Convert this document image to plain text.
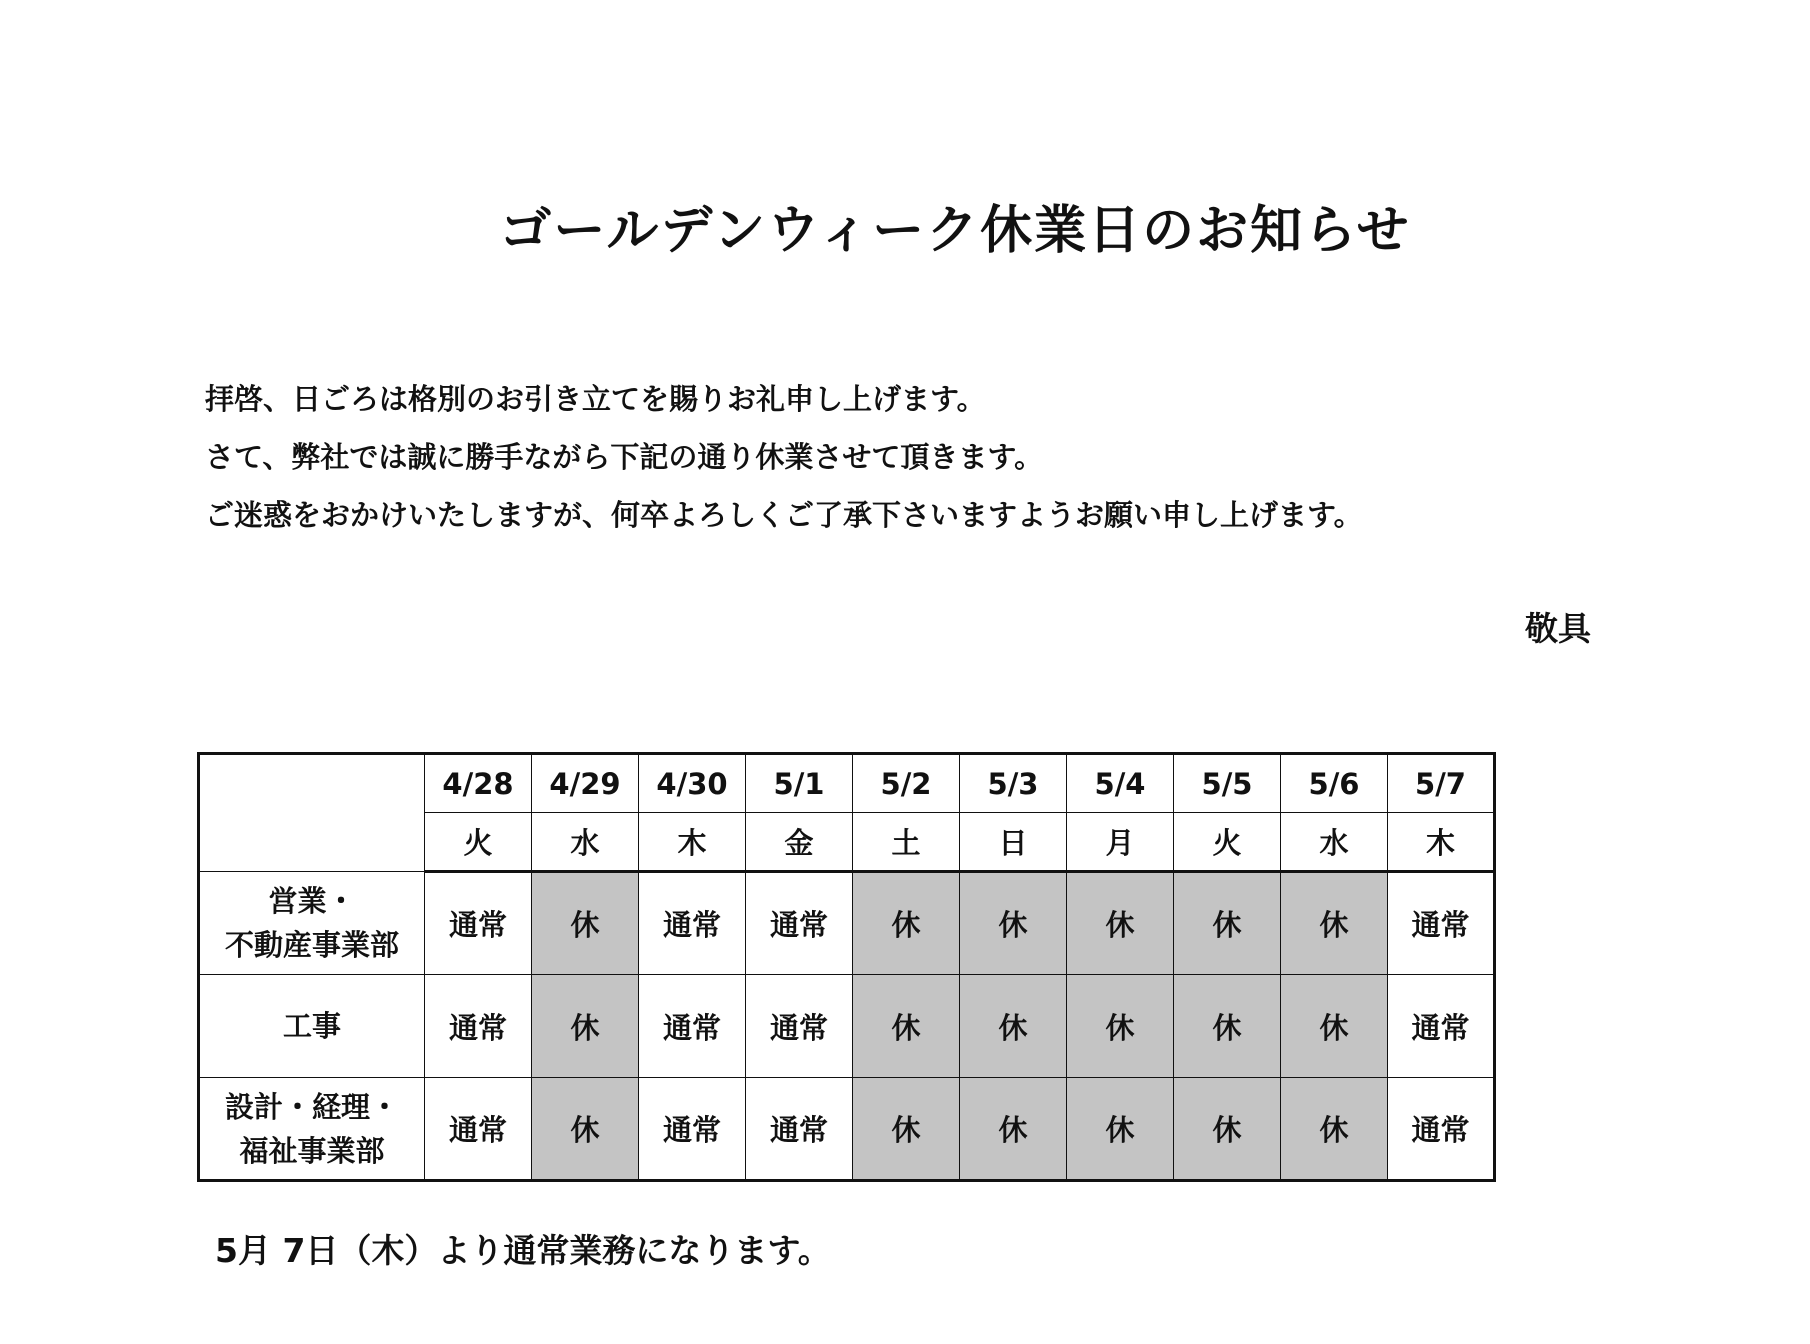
ゴールデンウィーク休業日のお知らせ
拝啓、日ごろは格別のお引き立てを賜りお礼申し上げます。
さて、弊社では誠に勝手ながら下記の通り休業させて頂きます。
ご迷惑をおかけいたしますが、何卒よろしくご了承下さいますようお願い申し上げます。
敬具
	4/28	4/29	4/30	5/1	5/2	5/3	5/4	5/5	5/6	5/7
	火	水	木	金	土	日	月	火	水	木

営業・
不動産事業部	通常	休	通常	通常	休	休	休	休	休	通常

工事	通常	休	通常	通常	休	休	休	休	休	通常

設計・経理・
福祉事業部	通常	休	通常	通常	休	休	休	休	休	通常
5月 7日（木）より通常業務になります。
